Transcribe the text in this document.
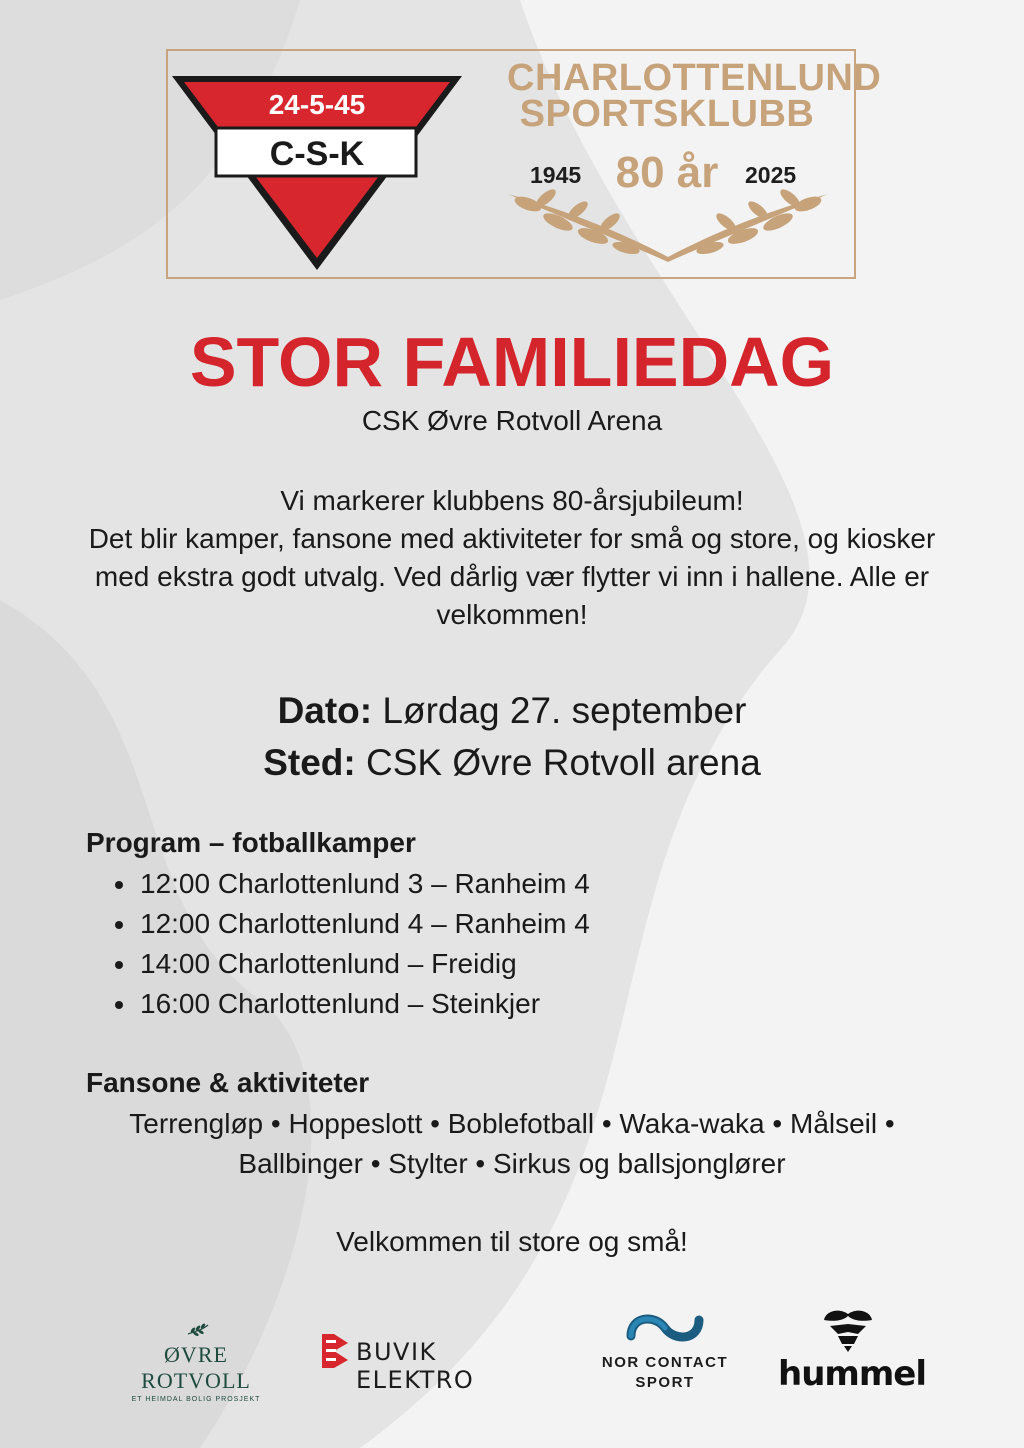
24-5-45
C-S-K
CHARLOTTENLUND SPORTSKLUBB
1945 80 år	2025
STOR FAMILIEDAG
CSK Øvre Rotvoll Arena
Vi markerer klubbens 80-årsjubileum!
Det blir kamper, fansone med aktiviteter for små og store, og kiosker med ekstra godt utvalg. Ved dårlig vær flytter vi inn i hallene. Alle er velkommen!
Dato: Lørdag 27. september
Sted: CSK Øvre Rotvoll arena
Program – fotballkamper
• 12:00 Charlottenlund 3 – Ranheim 4
• 12:00 Charlottenlund 4 – Ranheim 4
• 14:00 Charlottenlund – Freidig
• 16:00 Charlottenlund – Steinkjer
Fansone & aktiviteter
Terrengløp • Hoppeslott • Boblefotball • Waka-waka • Målseil •
Ballbinger • Stylter • Sirkus og ballsjonglører
Velkommen til store og små!
ØVRE ROTVOLL
ET HEIMDAL BOLIG PROSJEKT
BUVIK ELEKTRO
NOR CONTACT
SPORT	hummel
